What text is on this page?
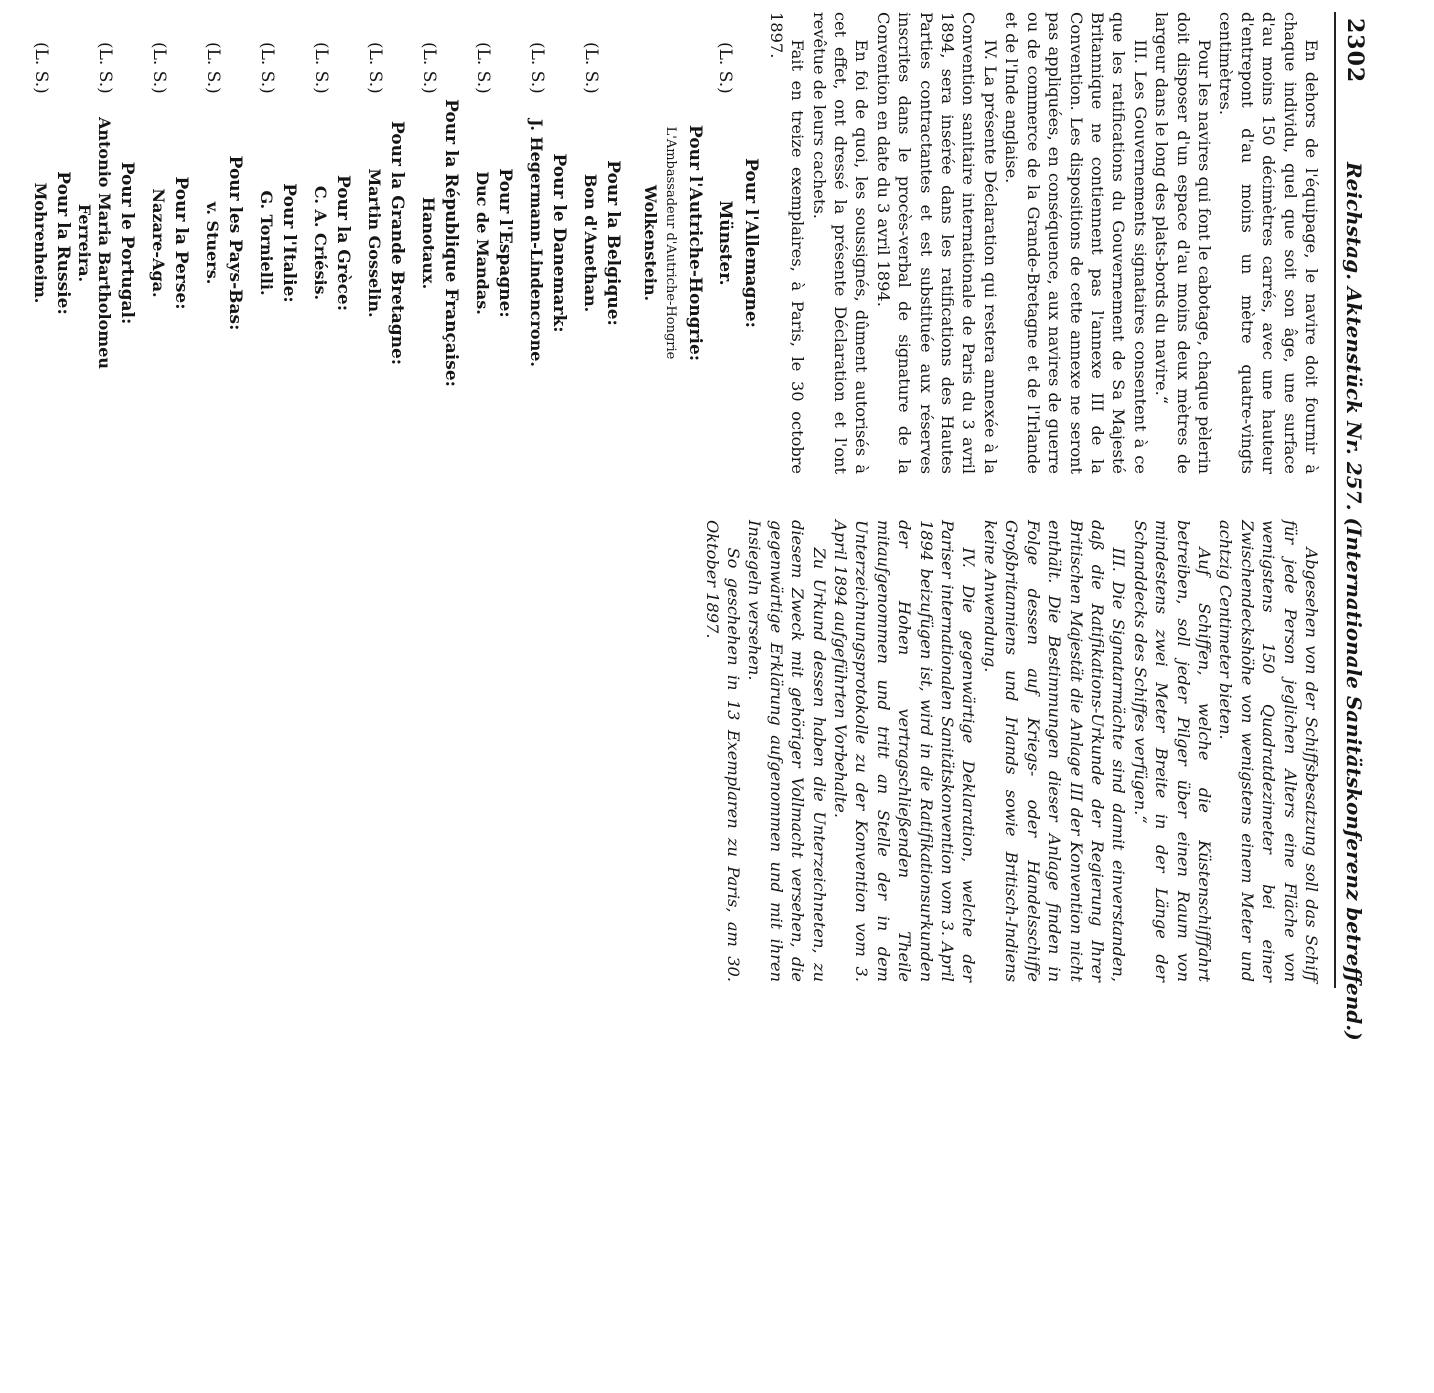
2302
Reichstag. Aktenstück Nr. 257. (Internationale Sanitätskonferenz betreffend.)

En dehors de l'équipage, le navire doit fournir à chaque individu, quel que soit son âge, une surface d'au moins 150 décimètres carrés, avec une hauteur d'entrepont d'au moins un mètre quatre-vingts centimètres.

Pour les navires qui font le cabotage, chaque pèlerin doit disposer d'un espace d'au moins deux mètres de largeur dans le long des plats-bords du navire.“

III. Les Gouvernements signataires consentent à ce que les ratifications du Gouvernement de Sa Majesté Britannique ne contiennent pas l'annexe III de la Convention. Les dispositions de cette annexe ne seront pas appliquées, en conséquence, aux navires de guerre ou de commerce de la Grande-Bretagne et de l'Irlande et de l'Inde anglaise.

IV. La présente Déclaration qui restera annexée à la Convention sanitaire internationale de Paris du 3 avril 1894, sera insérée dans les ratifications des Hautes Parties contractantes et est substituée aux réserves inscrites dans le procès-verbal de signature de la Convention en date du 3 avril 1894.

En foi de quoi, les soussignés, dûment autorisés à cet effet, ont dressé la présente Déclaration et l'ont revêtue de leurs cachets.

Fait en treize exemplaires, à Paris, le 30 octobre 1897.

Pour l'Allemagne:
(L. S.)
Münster.
Pour l'Autriche-Hongrie:
L'Ambassadeur d'Autriche-Hongrie
Wolkenstein.
(L. S.)
Pour la Belgique:
Bon d'Anethan.
(L. S.)
Pour le Danemark:
J. Hegermann-Lindencrone.
(L. S.)
Pour l'Espagne:
Duc de Mandas.
(L. S.)
Pour la République Française:
Hanotaux.
(L. S.)
Pour la Grande Bretagne:
Martin Gosselin.
(L. S.)
Pour la Grèce:
C. A. Criésis.
(L. S.)
Pour l'Italie:
G. Tornielli.
(L. S.)
Pour les Pays-Bas:
v. Stuers.
(L. S.)
Pour la Perse:
Nazare-Aga.
(L. S.)
Pour le Portugal:
Antonio Maria Bartholomeu
Ferreira.
(L. S.)
Pour la Russie:
Mohrenheim.

Abgesehen von der Schiffsbesatzung soll das Schiff für jede Person jeglichen Alters eine Fläche von wenigstens 150 Quadratdezimeter bei einer Zwischendeckshöhe von wenigstens einem Meter und achtzig Centimeter bieten.

Auf Schiffen, welche die Küstenschifffahrt betreiben, soll jeder Pilger über einen Raum von mindestens zwei Meter Breite in der Länge der Schanddecks des Schiffes verfügen.“

III. Die Signatarmächte sind damit einverstanden, daß die Ratifikations-Urkunde der Regierung Ihrer Britischen Majestät die Anlage III der Konvention nicht enthält. Die Bestimmungen dieser Anlage finden in Folge dessen auf Kriegs- oder Handelsschiffe Großbritanniens und Irlands sowie Britisch-Indiens keine Anwendung.

IV. Die gegenwärtige Deklaration, welche der Pariser internationalen Sanitätskonvention vom 3. April 1894 beizufügen ist, wird in die Ratifikationsurkunden der Hohen vertragschließenden Theile mitaufgenommen und tritt an Stelle der in dem Unterzeichnungsprotokolle zu der Konvention vom 3. April 1894 aufgeführten Vorbehalte.

Zu Urkund dessen haben die Unterzeichneten, zu diesem Zweck mit gehöriger Vollmacht versehen, die gegenwärtige Erklärung aufgenommen und mit ihren Insiegeln versehen.

So geschehen in 13 Exemplaren zu Paris, am 30. Oktober 1897.
